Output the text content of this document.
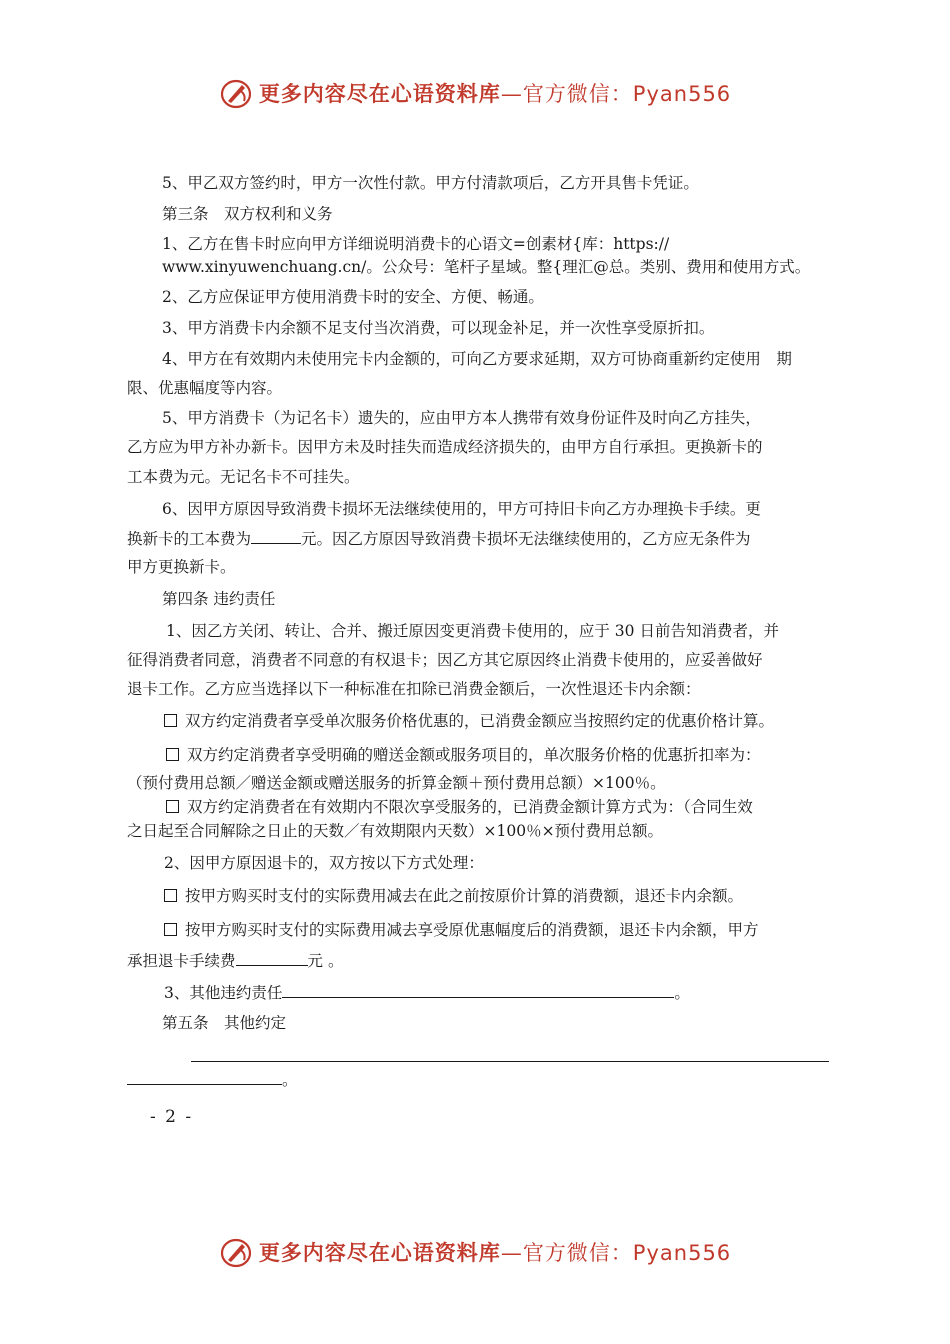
更多内容尽在心语资料库—官方微信：Pyan556
5、甲乙双方签约时，甲方一次性付款。甲方付清款项后，乙方开具售卡凭证。
第三条　双方权利和义务
1、乙方在售卡时应向甲方详细说明消费卡的心语文=创素材{库：https://
www.xinyuwenchuang.cn/。公众号：笔杆子星域。整{理汇@总。类别、费用和使用方式。
2、乙方应保证甲方使用消费卡时的安全、方便、畅通。
3、甲方消费卡内余额不足支付当次消费，可以现金补足，并一次性享受原折扣。
4、甲方在有效期内未使用完卡内金额的，可向乙方要求延期，双方可协商重新约定使用　期
限、优惠幅度等内容。
5、甲方消费卡（为记名卡）遗失的，应由甲方本人携带有效身份证件及时向乙方挂失，
乙方应为甲方补办新卡。因甲方未及时挂失而造成经济损失的，由甲方自行承担。更换新卡的
工本费为元。无记名卡不可挂失。
6、因甲方原因导致消费卡损坏无法继续使用的，甲方可持旧卡向乙方办理换卡手续。更
换新卡的工本费为	元。因乙方原因导致消费卡损坏无法继续使用的，乙方应无条件为
甲方更换新卡。
第四条 违约责任
1、因乙方关闭、转让、合并、搬迁原因变更消费卡使用的，应于 30 日前告知消费者，并
征得消费者同意，消费者不同意的有权退卡；因乙方其它原因终止消费卡使用的，应妥善做好
退卡工作。乙方应当选择以下一种标准在扣除已消费金额后，一次性退还卡内余额：
双方约定消费者享受单次服务价格优惠的，已消费金额应当按照约定的优惠价格计算。
双方约定消费者享受明确的赠送金额或服务项目的，单次服务价格的优惠折扣率为：
（预付费用总额／赠送金额或赠送服务的折算金额＋预付费用总额）×100％。
双方约定消费者在有效期内不限次享受服务的，已消费金额计算方式为：（合同生效
之日起至合同解除之日止的天数／有效期限内天数）×100％×预付费用总额。
2、因甲方原因退卡的，双方按以下方式处理：
按甲方购买时支付的实际费用减去在此之前按原价计算的消费额，退还卡内余额。
按甲方购买时支付的实际费用减去享受原优惠幅度后的消费额，退还卡内余额，甲方
承担退卡手续费	元 。
3、其他违约责任	。
第五条　其他约定
。
- 2 -
更多内容尽在心语资料库—官方微信：Pyan556
